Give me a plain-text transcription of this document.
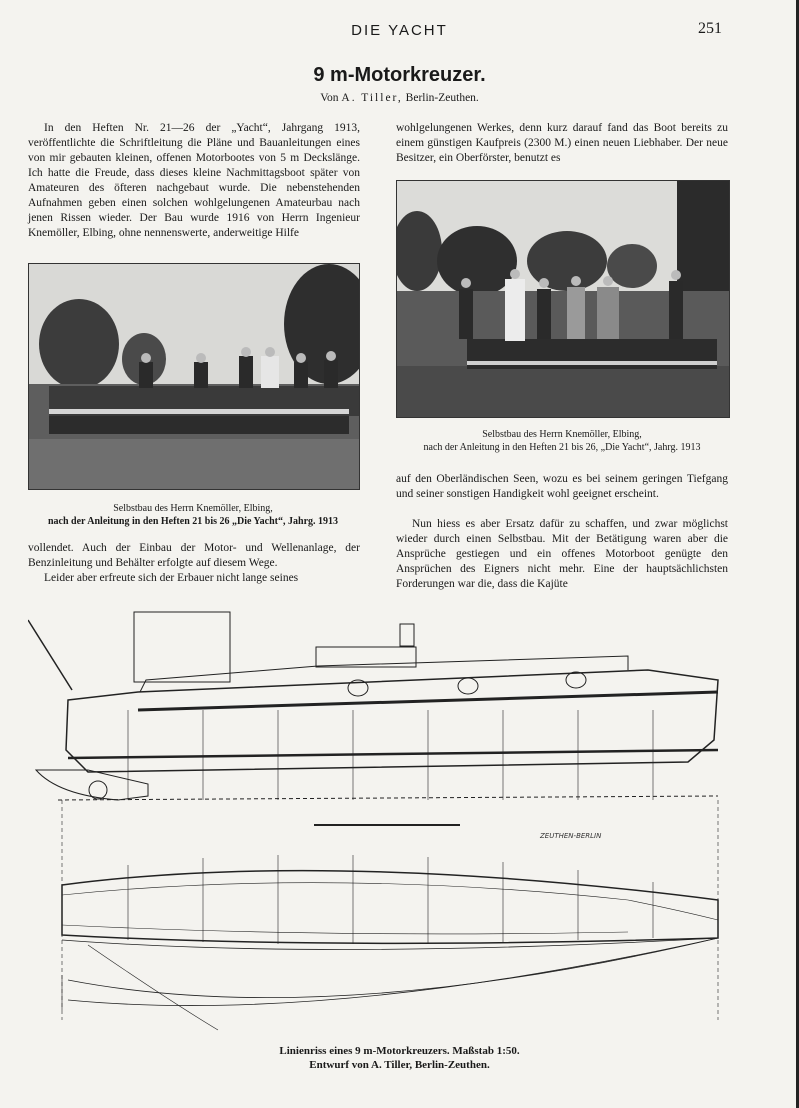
DIE YACHT	251
9 m-Motorkreuzer.
Von A. Tiller, Berlin-Zeuthen.
In den Heften Nr. 21—26 der „Yacht“, Jahrgang 1913, veröffentlichte die Schriftleitung die Pläne und Bauanleitungen eines von mir gebauten kleinen, offenen Motorbootes von 5 m Deckslänge. Ich hatte die Freude, dass dieses kleine Nachmittagsboot später von Amateuren des öfteren nachgebaut wurde. Die nebenstehenden Aufnahmen geben einen solchen wohlgelungenen Amateurbau nach jenen Rissen wieder. Der Bau wurde 1916 von Herrn Ingenieur Knemöller, Elbing, ohne nennenswerte, anderweitige Hilfe
Selbstbau des Herrn Knemöller, Elbing,
nach der Anleitung in den Heften 21 bis 26 „Die Yacht“, Jahrg. 1913
vollendet. Auch der Einbau der Motor- und Wellenanlage, der Benzinleitung und Behälter erfolgte auf diesem Wege.
Leider aber erfreute sich der Erbauer nicht lange seines
wohlgelungenen Werkes, denn kurz darauf fand das Boot bereits zu einem günstigen Kaufpreis (2300 M.) einen neuen Liebhaber. Der neue Besitzer, ein Oberförster, benutzt es
Selbstbau des Herrn Knemöller, Elbing,
nach der Anleitung in den Heften 21 bis 26, „Die Yacht“, Jahrg. 1913
auf den Oberländischen Seen, wozu es bei seinem geringen Tiefgang und seiner sonstigen Handigkeit wohl geeignet erscheint.
Nun hiess es aber Ersatz dafür zu schaffen, und zwar möglichst wieder durch einen Selbstbau. Mit der Betätigung waren aber die Ansprüche gestiegen und ein offenes Motorboot genügte den Ansprüchen des Eigners nicht mehr. Eine der hauptsächlichsten Forderungen war die, dass die Kajüte
ZEUTHEN-BERLIN
Linienriss eines 9 m-Motorkreuzers. Maßstab 1:50.
Entwurf von A. Tiller, Berlin-Zeuthen.
